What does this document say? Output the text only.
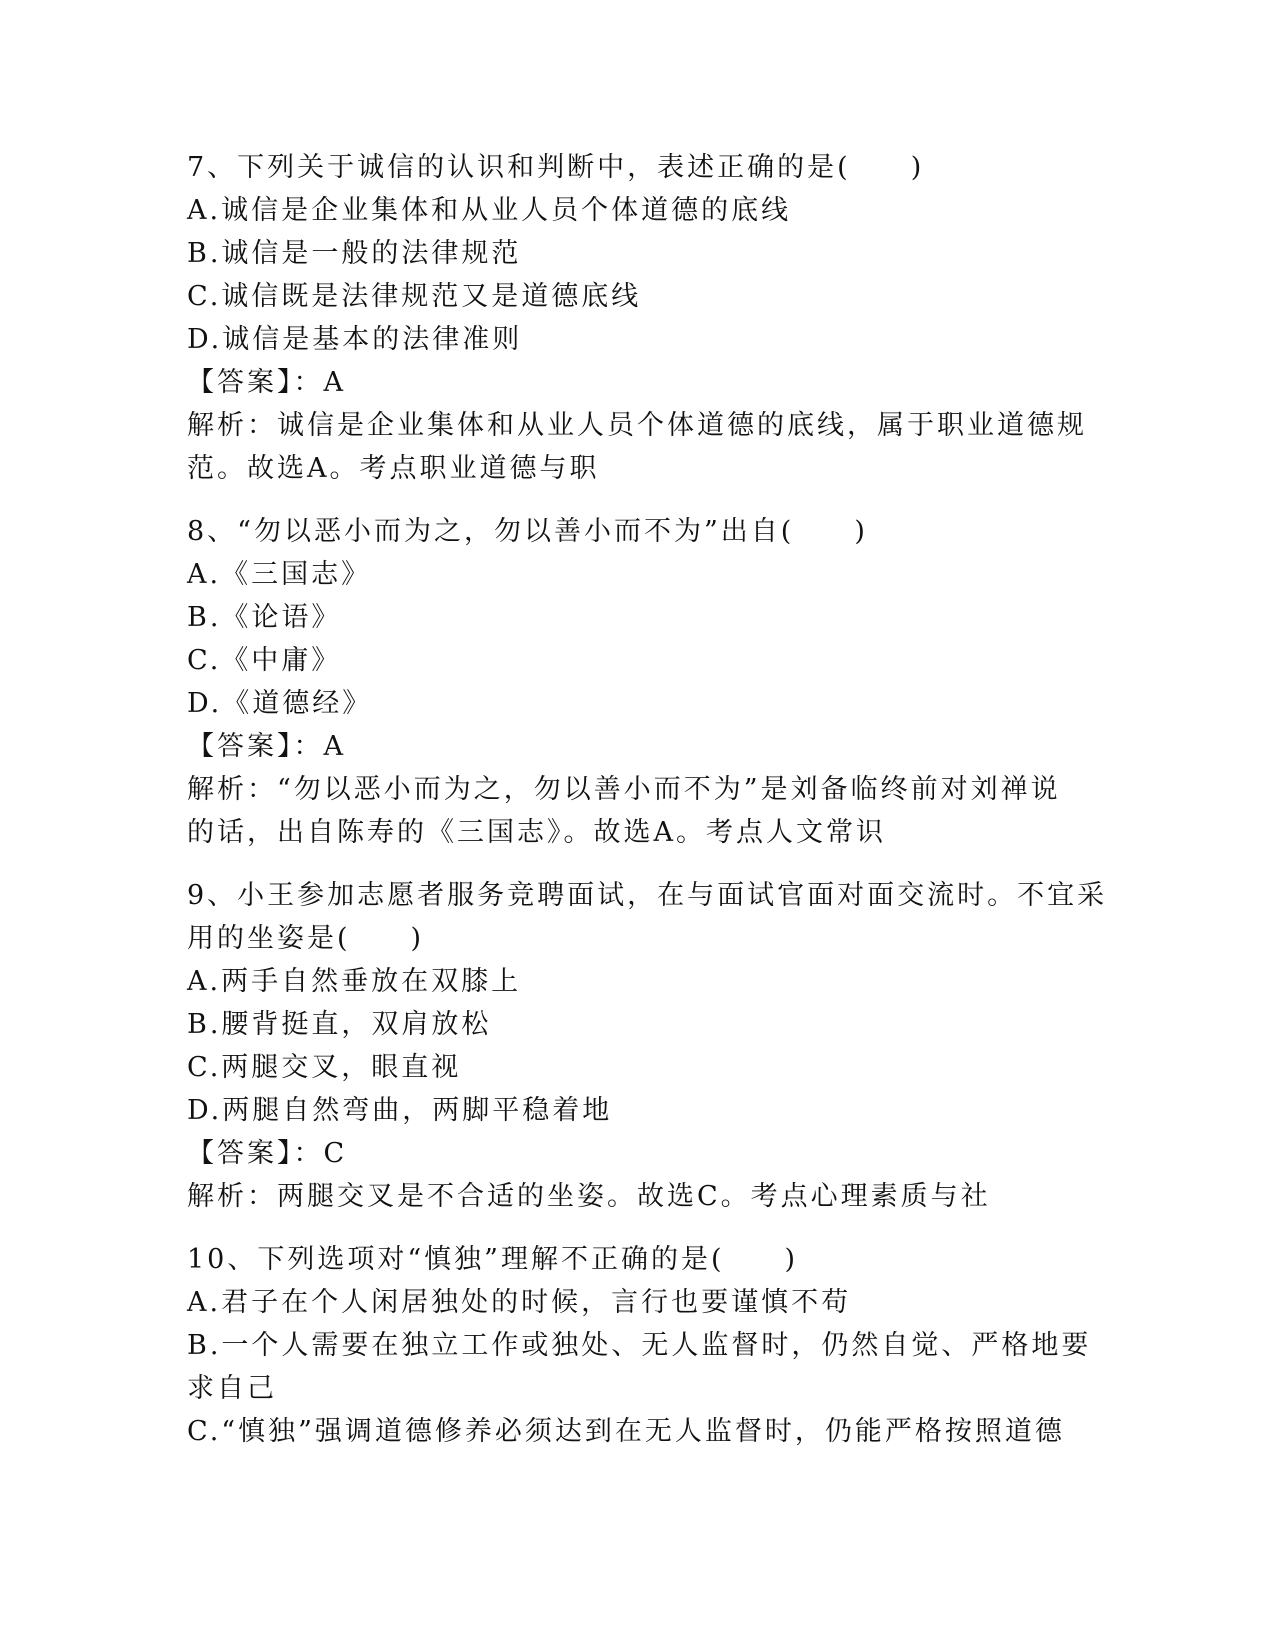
7、下列关于诚信的认识和判断中，表述正确的是(　　)

A.诚信是企业集体和从业人员个体道德的底线

B.诚信是一般的法律规范

C.诚信既是法律规范又是道德底线

D.诚信是基本的法律准则

【答案】：A

解析：诚信是企业集体和从业人员个体道德的底线，属于职业道德规

范。故选A。考点职业道德与职

8、“勿以恶小而为之，勿以善小而不为”出自(　　)

A.《三国志》

B.《论语》

C.《中庸》

D.《道德经》

【答案】：A

解析：“勿以恶小而为之，勿以善小而不为”是刘备临终前对刘禅说

的话，出自陈寿的《三国志》。故选A。考点人文常识

9、小王参加志愿者服务竞聘面试，在与面试官面对面交流时。不宜采

用的坐姿是(　　)

A.两手自然垂放在双膝上

B.腰背挺直，双肩放松

C.两腿交叉，眼直视

D.两腿自然弯曲，两脚平稳着地

【答案】：C

解析：两腿交叉是不合适的坐姿。故选C。考点心理素质与社

10、下列选项对“慎独”理解不正确的是(　　)

A.君子在个人闲居独处的时候，言行也要谨慎不苟

B.一个人需要在独立工作或独处、无人监督时，仍然自觉、严格地要

求自己

C.“慎独”强调道德修养必须达到在无人监督时，仍能严格按照道德
